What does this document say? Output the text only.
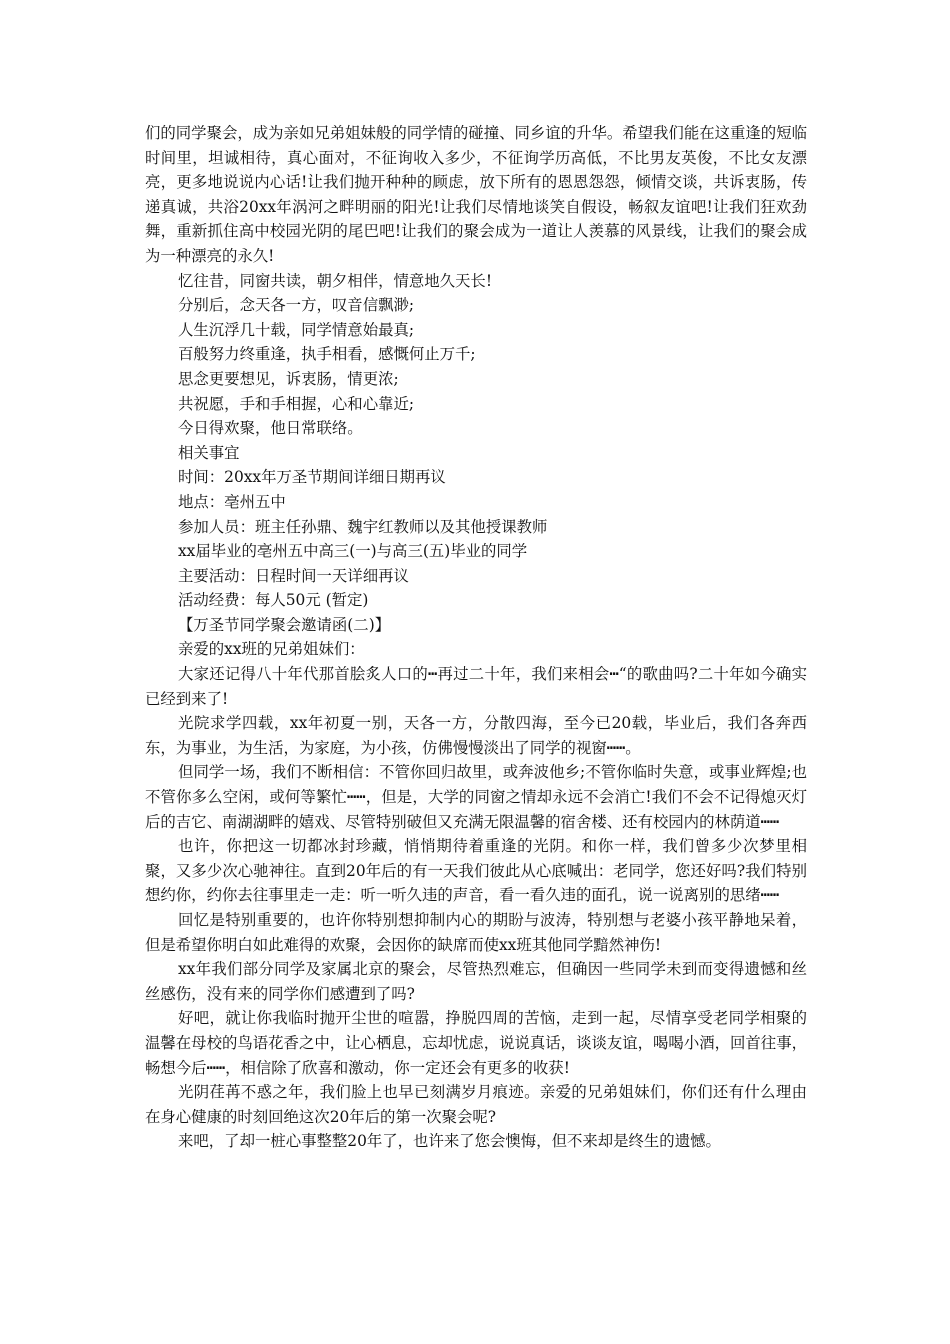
们的同学聚会，成为亲如兄弟姐妹般的同学情的碰撞、同乡谊的升华。希望我们能在这重逢的短临时间里，坦诚相待，真心面对，不征询收入多少，不征询学历高低，不比男友英俊，不比女友漂亮，更多地说说内心话!让我们抛开种种的顾虑，放下所有的恩恩怨怨，倾情交谈，共诉衷肠，传递真诚，共浴20xx年涡河之畔明丽的阳光!让我们尽情地谈笑自假设，畅叙友谊吧!让我们狂欢劲舞，重新抓住高中校园光阴的尾巴吧!让我们的聚会成为一道让人羡慕的风景线，让我们的聚会成为一种漂亮的永久!

忆往昔，同窗共读，朝夕相伴，情意地久天长!

分别后，念天各一方，叹音信飘渺;

人生沉浮几十载，同学情意始最真;

百般努力终重逢，执手相看，感慨何止万千;

思念更要想见，诉衷肠，情更浓;

共祝愿，手和手相握，心和心靠近;

今日得欢聚，他日常联络。

相关事宜

时间：20xx年万圣节期间详细日期再议

地点：亳州五中

参加人员：班主任孙鼎、魏宇红教师以及其他授课教师

xx届毕业的亳州五中高三(一)与高三(五)毕业的同学

主要活动：日程时间一天详细再议

活动经费：每人50元 (暂定)

【万圣节同学聚会邀请函(二)】

亲爱的xx班的兄弟姐妹们：

大家还记得八十年代那首脍炙人口的┅再过二十年，我们来相会┅“的歌曲吗?二十年如今确实已经到来了!

光院求学四载，xx年初夏一别，天各一方，分散四海，至今已20载，毕业后，我们各奔西东，为事业，为生活，为家庭，为小孩，仿佛慢慢淡出了同学的视窗┅┅。

但同学一场，我们不断相信：不管你回归故里，或奔波他乡;不管你临时失意，或事业辉煌;也不管你多么空闲，或何等繁忙┅┅，但是，大学的同窗之情却永远不会消亡!我们不会不记得熄灭灯后的吉它、南湖湖畔的嬉戏、尽管特别破但又充满无限温馨的宿舍楼、还有校园内的林荫道┅┅

也许，你把这一切都冰封珍藏，悄悄期待着重逢的光阴。和你一样，我们曾多少次梦里相聚，又多少次心驰神往。直到20年后的有一天我们彼此从心底喊出：老同学，您还好吗?我们特别想约你，约你去往事里走一走：听一听久违的声音，看一看久违的面孔，说一说离别的思绪┅┅

回忆是特别重要的，也许你特别想抑制内心的期盼与波涛，特别想与老婆小孩平静地呆着，但是希望你明白如此难得的欢聚，会因你的缺席而使xx班其他同学黯然神伤!

xx年我们部分同学及家属北京的聚会，尽管热烈难忘，但确因一些同学未到而变得遗憾和丝丝感伤，没有来的同学你们感遭到了吗?

好吧，就让你我临时抛开尘世的喧嚣，挣脱四周的苦恼，走到一起，尽情享受老同学相聚的温馨在母校的鸟语花香之中，让心栖息，忘却忧虑，说说真话，谈谈友谊，喝喝小酒，回首往事，畅想今后┅┅，相信除了欣喜和激动，你一定还会有更多的收获!

光阴荏苒不惑之年，我们脸上也早已刻满岁月痕迹。亲爱的兄弟姐妹们，你们还有什么理由在身心健康的时刻回绝这次20年后的第一次聚会呢?

来吧，了却一桩心事整整20年了，也许来了您会懊悔，但不来却是终生的遗憾。
